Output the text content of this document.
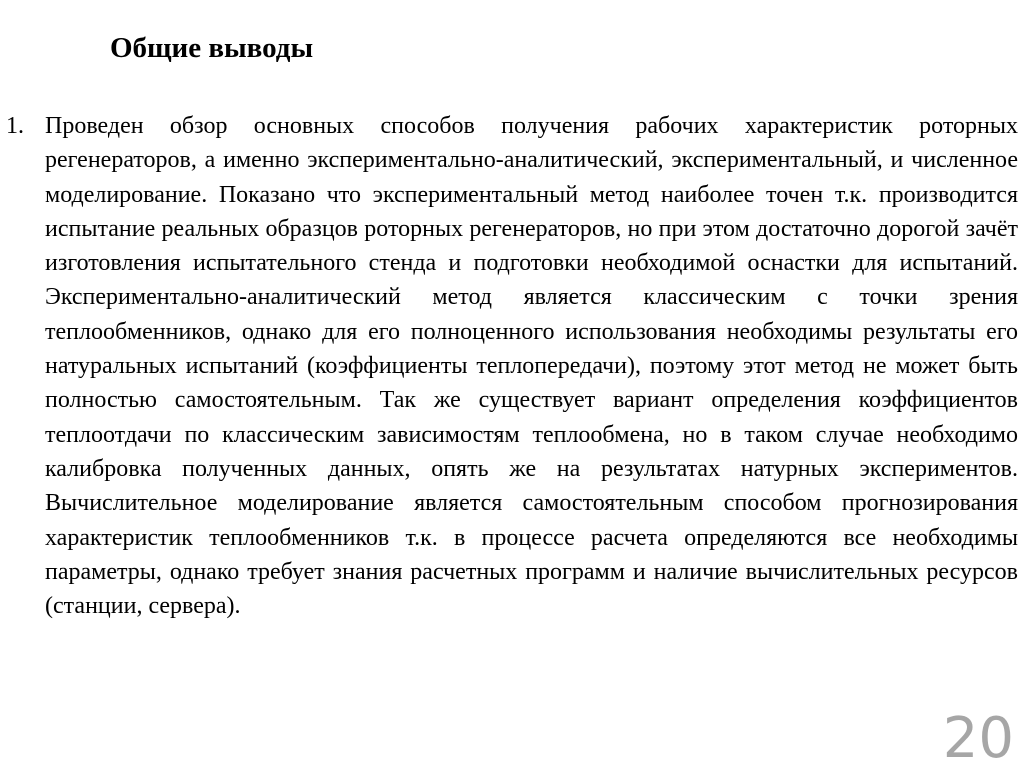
Общие выводы
1. Проведен обзор основных способов получения рабочих характеристик роторных регенераторов, а именно экспериментально-аналитический, экспериментальный, и численное моделирование. Показано что экспериментальный метод наиболее точен т.к. производится испытание реальных образцов роторных регенераторов, но при этом достаточно дорогой зачёт изготовления испытательного стенда и подготовки необходимой оснастки для испытаний. Экспериментально-аналитический метод является классическим с точки зрения теплообменников, однако для его полноценного использования необходимы результаты его натуральных испытаний (коэффициенты теплопередачи), поэтому этот метод не может быть полностью самостоятельным. Так же существует вариант определения коэффициентов теплоотдачи по классическим зависимостям теплообмена, но в таком случае необходимо калибровка полученных данных, опять же на результатах натурных экспериментов. Вычислительное моделирование является самостоятельным способом прогнозирования характеристик теплообменников т.к. в процессе расчета определяются все необходимы параметры, однако требует знания расчетных программ и наличие вычислительных ресурсов (станции, сервера).
20
